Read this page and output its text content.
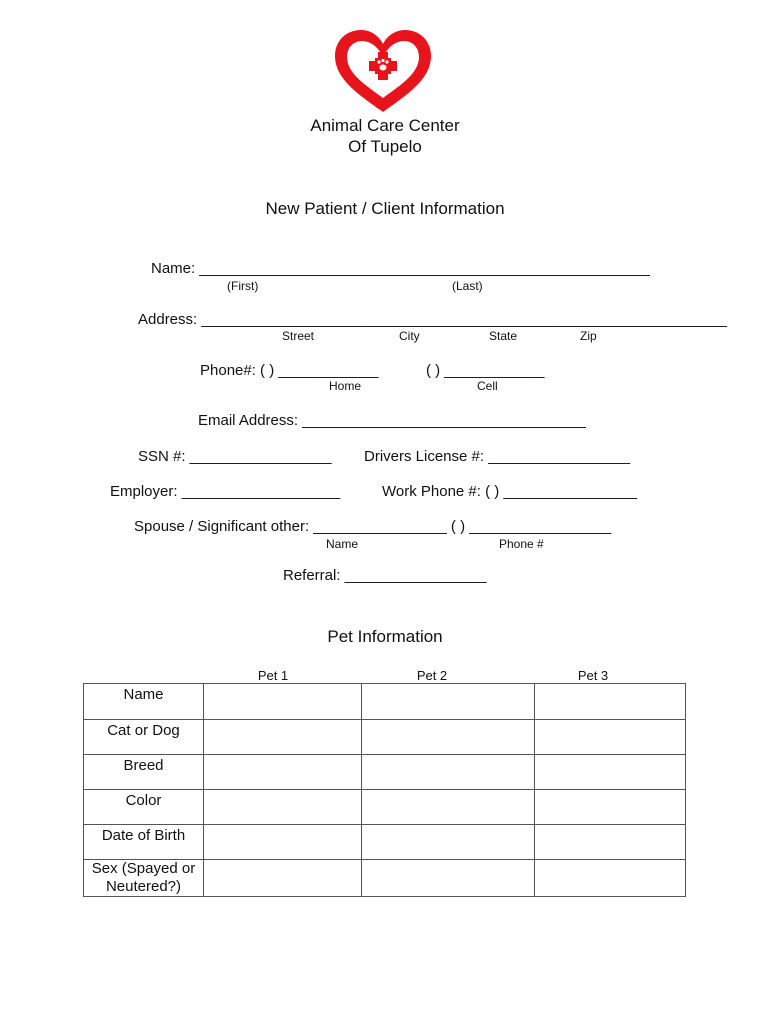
Animal Care Center
Of Tupelo
New Patient / Client Information
Name: ______________________________________________________
(First)	(Last)
Address: _______________________________________________________________
Street	City	State	Zip
Phone#: ( ) ____________	( ) ____________
Home	Cell
Email Address: __________________________________
SSN #: _________________ Drivers License #: _________________
Employer: ___________________	Work Phone #: ( ) ________________
Spouse / Significant other: ________________ ( ) _________________
Name	Phone #
Referral: _________________
Pet Information
Pet 1	Pet 2	Pet 3
Name			
Cat or Dog			
Breed			
Color			
Date of Birth			
Sex (Spayed or Neutered?)			
